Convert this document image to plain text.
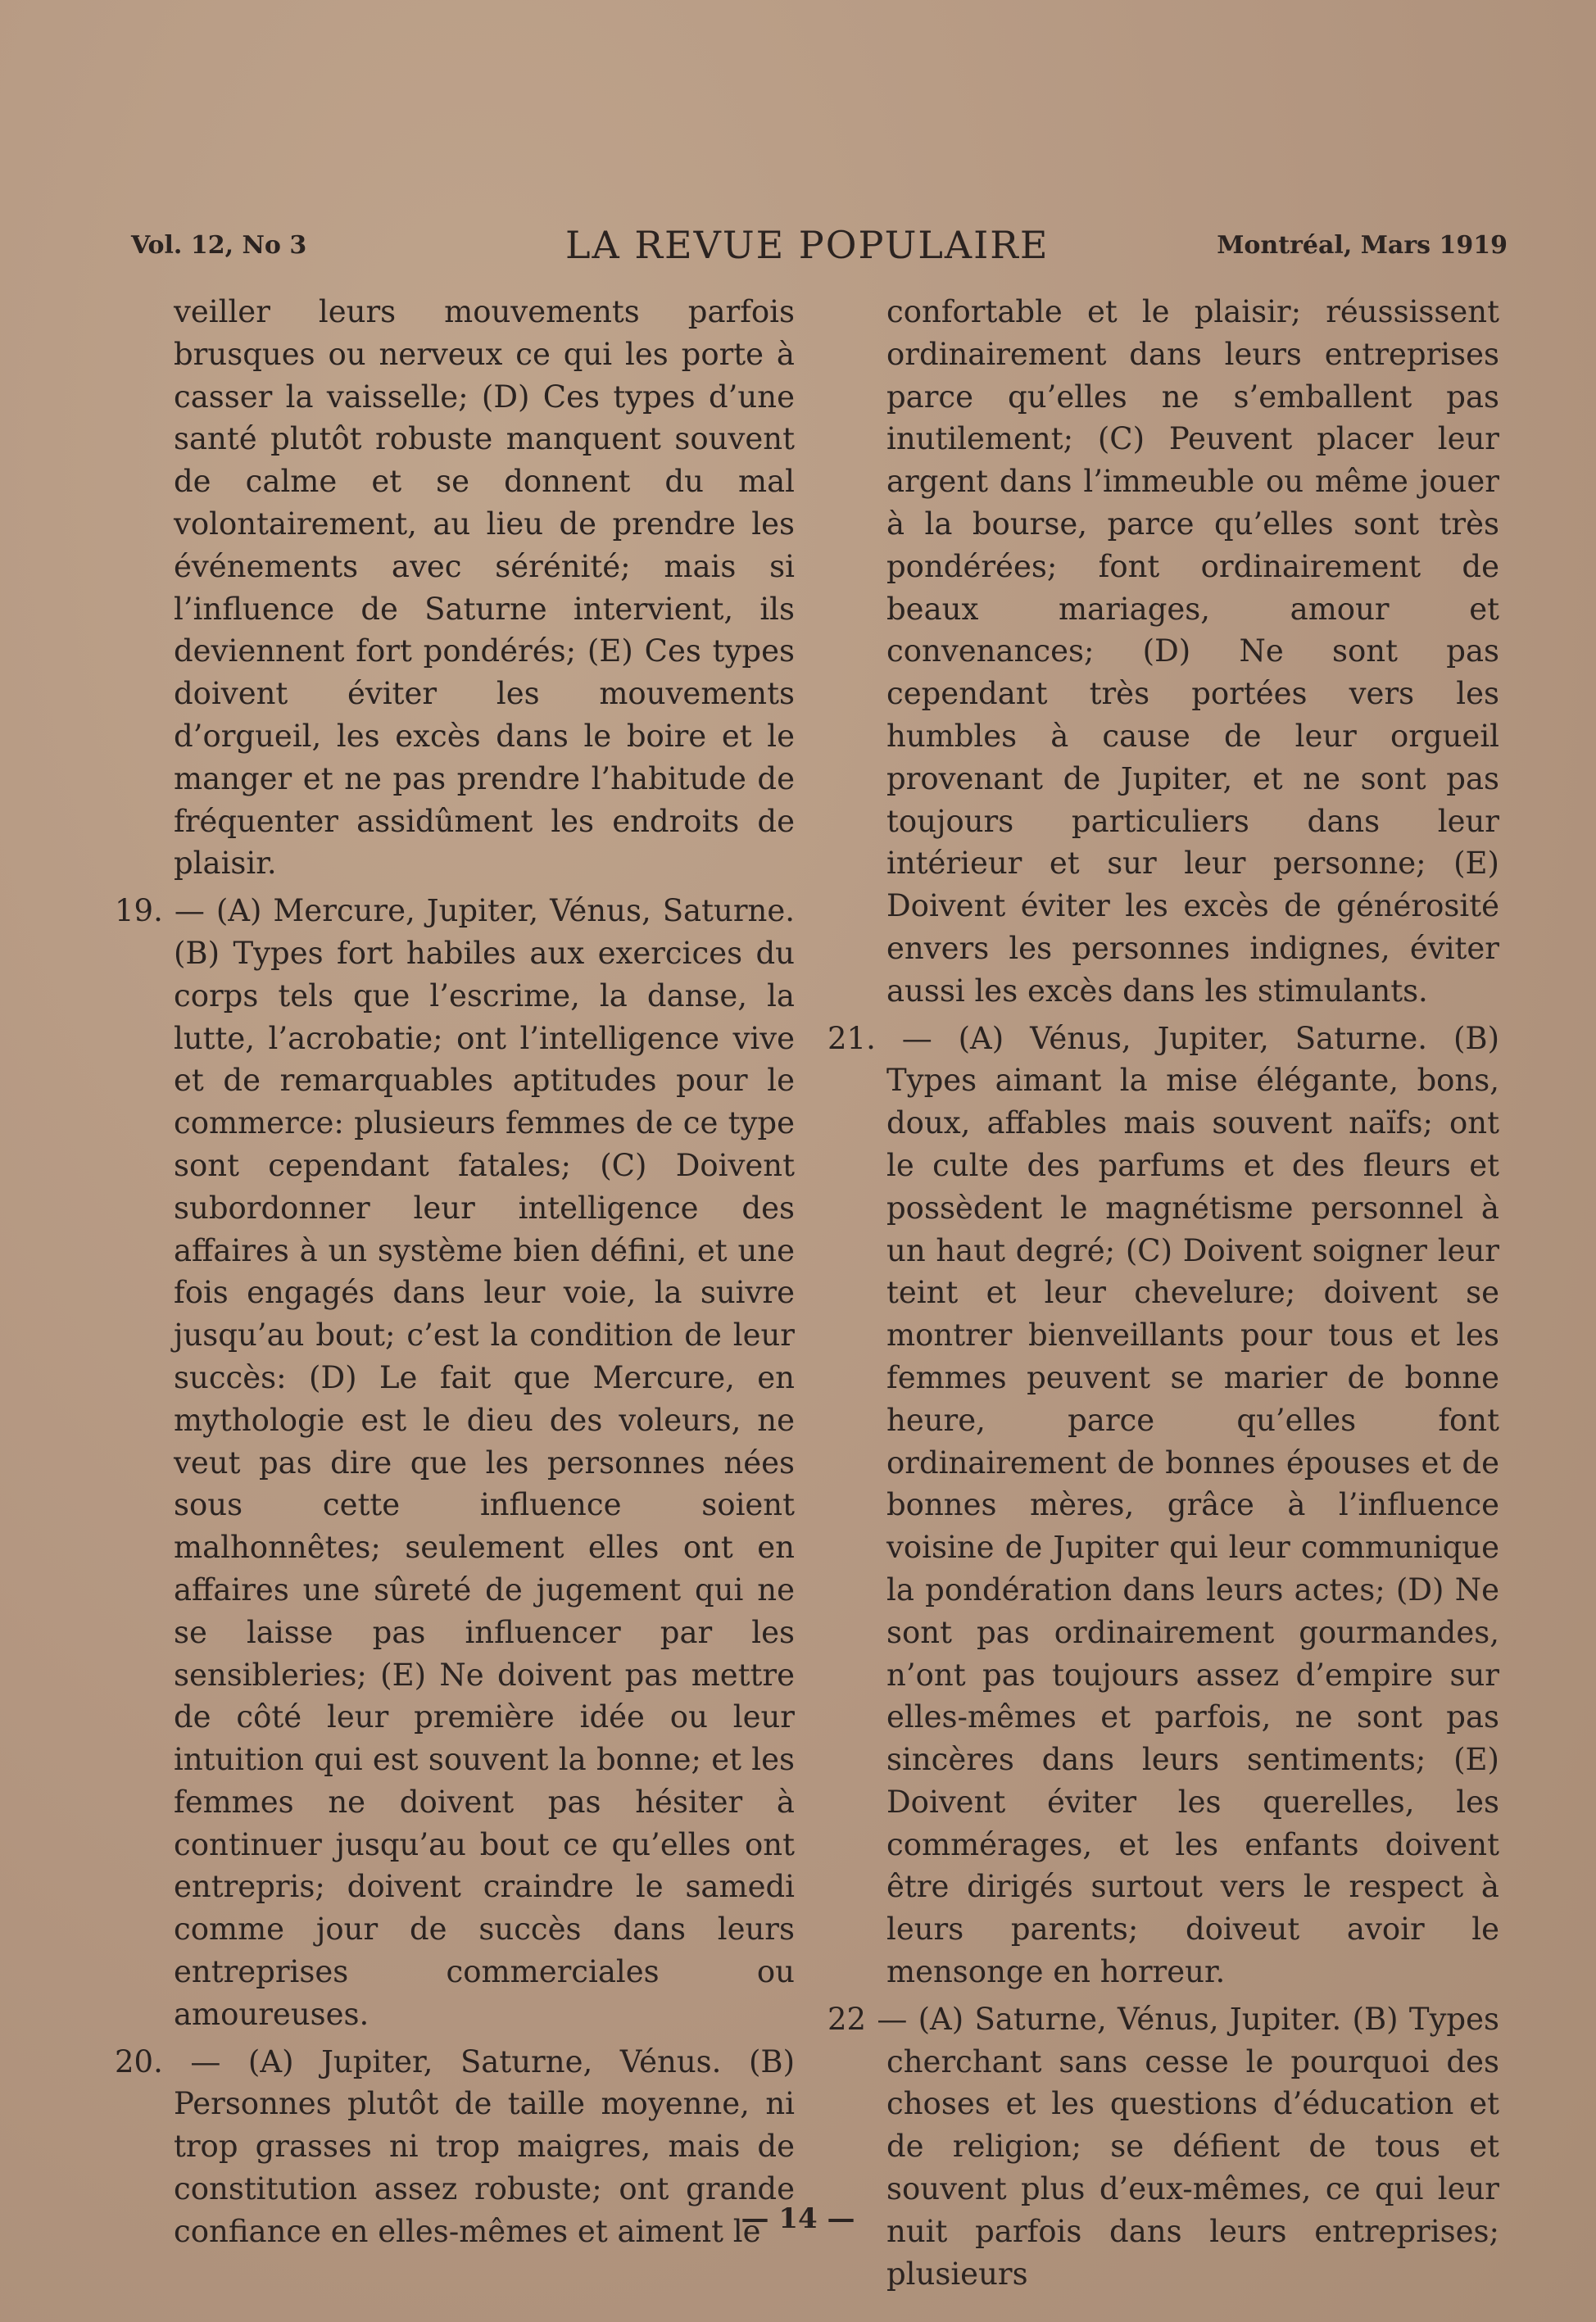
Vol. 12, No 3	LA REVUE POPULAIRE	Montréal, Mars 1919

veiller leurs mouvements parfois brusques ou nerveux ce qui les porte à casser la vaisselle; (D) Ces types d’une santé plutôt robuste manquent souvent de calme et se donnent du mal volontairement, au lieu de prendre les événements avec sérénité; mais si l’influence de Saturne intervient, ils deviennent fort pondérés; (E) Ces types doivent éviter les mouvements d’orgueil, les excès dans le boire et le manger et ne pas prendre l’habitude de fréquenter assidûment les endroits de plaisir.

19. — (A) Mercure, Jupiter, Vénus, Saturne. (B) Types fort habiles aux exercices du corps tels que l’escrime, la danse, la lutte, l’acrobatie; ont l’intelligence vive et de remarquables aptitudes pour le commerce: plusieurs femmes de ce type sont cependant fatales; (C) Doivent subordonner leur intelligence des affaires à un système bien défini, et une fois engagés dans leur voie, la suivre jusqu’au bout; c’est la condition de leur succès: (D) Le fait que Mercure, en mythologie est le dieu des voleurs, ne veut pas dire que les personnes nées sous cette influence soient malhonnêtes; seulement elles ont en affaires une sûreté de jugement qui ne se laisse pas influencer par les sensibleries; (E) Ne doivent pas mettre de côté leur première idée ou leur intuition qui est souvent la bonne; et les femmes ne doivent pas hésiter à continuer jusqu’au bout ce qu’elles ont entrepris; doivent craindre le samedi comme jour de succès dans leurs entreprises commerciales ou amoureuses.

20. — (A) Jupiter, Saturne, Vénus. (B) Personnes plutôt de taille moyenne, ni trop grasses ni trop maigres, mais de constitution assez robuste; ont grande confiance en elles-mêmes et aiment le

confortable et le plaisir; réussissent ordinairement dans leurs entreprises parce qu’elles ne s’emballent pas inutilement; (C) Peuvent placer leur argent dans l’immeuble ou même jouer à la bourse, parce qu’elles sont très pondérées; font ordinairement de beaux mariages, amour et convenances; (D) Ne sont pas cependant très portées vers les humbles à cause de leur orgueil provenant de Jupiter, et ne sont pas toujours particuliers dans leur intérieur et sur leur personne; (E) Doivent éviter les excès de générosité envers les personnes indignes, éviter aussi les excès dans les stimulants.

21. — (A) Vénus, Jupiter, Saturne. (B) Types aimant la mise élégante, bons, doux, affables mais souvent naïfs; ont le culte des parfums et des fleurs et possèdent le magnétisme personnel à un haut degré; (C) Doivent soigner leur teint et leur chevelure; doivent se montrer bienveillants pour tous et les femmes peuvent se marier de bonne heure, parce qu’elles font ordinairement de bonnes épouses et de bonnes mères, grâce à l’influence voisine de Jupiter qui leur communique la pondération dans leurs actes; (D) Ne sont pas ordinairement gourmandes, n’ont pas toujours assez d’empire sur elles-mêmes et parfois, ne sont pas sincères dans leurs sentiments; (E) Doivent éviter les querelles, les commérages, et les enfants doivent être dirigés surtout vers le respect à leurs parents; doiveut avoir le mensonge en horreur.

22 — (A) Saturne, Vénus, Jupiter. (B) Types cherchant sans cesse le pourquoi des choses et les questions d’éducation et de religion; se défient de tous et souvent plus d’eux-mêmes, ce qui leur nuit parfois dans leurs entreprises; plusieurs

— 14 —
